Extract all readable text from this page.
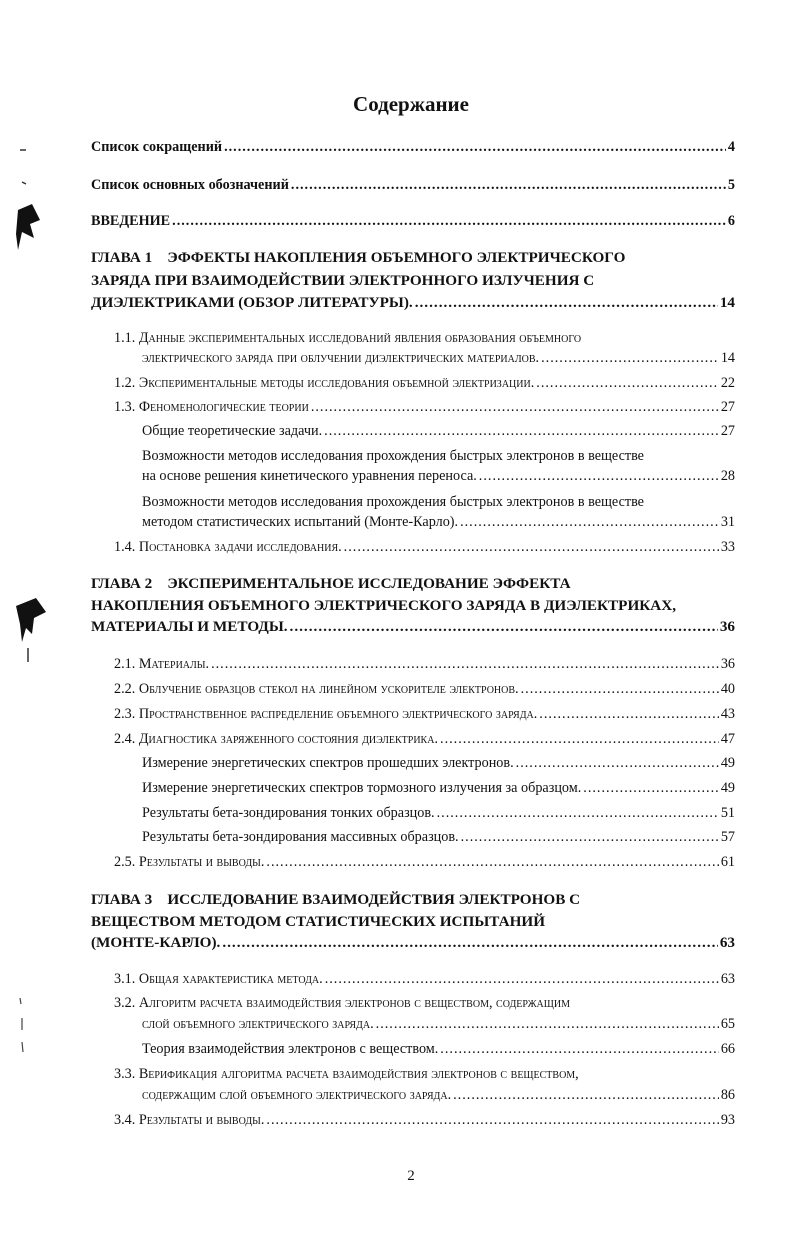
Содержание
Список сокращений .....	4
Список основных обозначений .....	5
ВВЕДЕНИЕ .....	6
ГЛАВА 1    ЭФФЕКТЫ НАКОПЛЕНИЯ ОБЪЕМНОГО ЭЛЕКТРИЧЕСКОГО
ЗАРЯДА ПРИ ВЗАИМОДЕЙСТВИИ ЭЛЕКТРОННОГО ИЗЛУЧЕНИЯ С
ДИЭЛЕКТРИКАМИ (ОБЗОР ЛИТЕРАТУРЫ). .....	14
1.1. Данные экспериментальных исследований явления образования объемного
электрического заряда при облучении диэлектрических материалов. .....	14
1.2. Экспериментальные методы исследования объемной электризации. .....	22
1.3. Феноменологические теории .....	27
Общие теоретические задачи. .....	27
Возможности методов исследования прохождения быстрых электронов в веществе
на основе решения кинетического уравнения переноса. .....	28
Возможности методов исследования прохождения быстрых электронов в веществе
методом статистических испытаний (Монте-Карло). .....	31
1.4. Постановка задачи исследования. .....	33
ГЛАВА 2    ЭКСПЕРИМЕНТАЛЬНОЕ ИССЛЕДОВАНИЕ ЭФФЕКТА
НАКОПЛЕНИЯ ОБЪЕМНОГО ЭЛЕКТРИЧЕСКОГО ЗАРЯДА В ДИЭЛЕКТРИКАХ,
МАТЕРИАЛЫ И МЕТОДЫ. .....	36
2.1. Материалы. .....	36
2.2. Облучение образцов стекол на линейном ускорителе электронов. .....	40
2.3. Пространственное распределение объемного электрического заряда. .....	43
2.4. Диагностика заряженного состояния диэлектрика. .....	47
Измерение энергетических спектров прошедших электронов. .....	49
Измерение энергетических спектров тормозного излучения за образцом. .....	49
Результаты бета-зондирования тонких образцов. .....	51
Результаты бета-зондирования массивных образцов. .....	57
2.5. Результаты и выводы. .....	61
ГЛАВА 3    ИССЛЕДОВАНИЕ ВЗАИМОДЕЙСТВИЯ ЭЛЕКТРОНОВ С
ВЕЩЕСТВОМ МЕТОДОМ СТАТИСТИЧЕСКИХ ИСПЫТАНИЙ
(МОНТЕ-КАРЛО). .....	63
3.1. Общая характеристика метода. .....	63
3.2. Алгоритм расчета взаимодействия электронов с веществом, содержащим
слой объемного электрического заряда. .....	65
Теория взаимодействия электронов с веществом. .....	66
3.3. Верификация алгоритма расчета взаимодействия электронов с веществом,
содержащим слой объемного электрического заряда. .....	86
3.4. Результаты и выводы. .....	93
2
